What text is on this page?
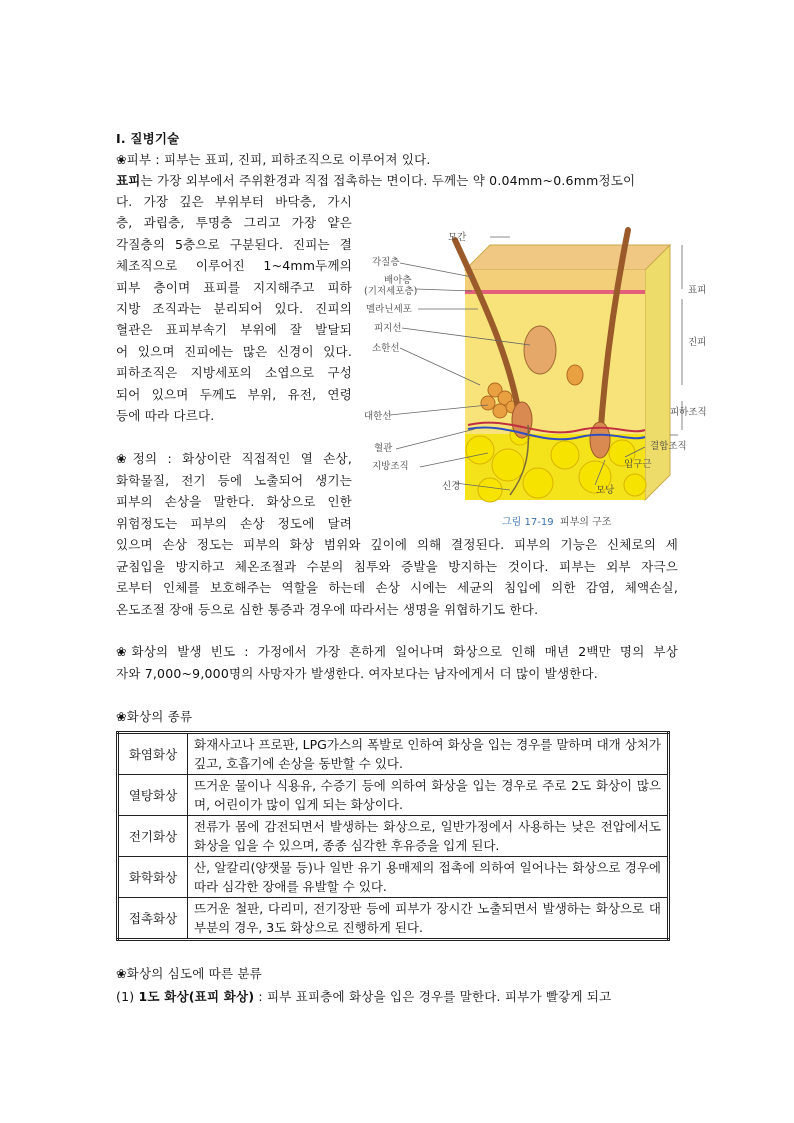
Ⅰ. 질병기술
❀피부 : 피부는 표피, 진피, 피하조직으로 이루어져 있다.
표피는 가장 외부에서 주위환경과 직접 접촉하는 면이다. 두께는 약 0.04mm~0.6mm정도이
다. 가장 깊은 부위부터 바닥층, 가시
층, 과립층, 투명층 그리고 가장 얕은
각질층의 5층으로 구분된다. 진피는 결
체조직으로 이루어진 1~4mm두께의
피부 층이며 표피를 지지해주고 피하
지방 조직과는 분리되어 있다. 진피의
혈관은 표피부속기 부위에 잘 발달되
어 있으며 진피에는 많은 신경이 있다.
피하조직은 지방세포의 소엽으로 구성
되어 있으며 두께도 부위, 유전, 연령
등에 따라 다르다.
❀정의 : 화상이란 직접적인 열 손상,
화학물질, 전기 등에 노출되어 생기는
피부의 손상을 말한다. 화상으로 인한
위험정도는 피부의 손상 정도에 달려
있으며 손상 정도는 피부의 화상 범위와 깊이에 의해 결정된다. 피부의 기능은 신체로의 세
균침입을 방지하고 체온조절과 수분의 침투와 증발을 방지하는 것이다. 피부는 외부 자극으
로부터 인체를 보호해주는 역할을 하는데 손상 시에는 세균의 침입에 의한 감염, 체액손실,
온도조절 장애 등으로 심한 통증과 경우에 따라서는 생명을 위협하기도 한다.
❀화상의 발생 빈도 : 가정에서 가장 흔하게 일어나며 화상으로 인해 매년 2백만 명의 부상
자와 7,000~9,000명의 사망자가 발생한다. 여자보다는 남자에게서 더 많이 발생한다.
❀화상의 종류
화염화상	화재사고나 프로판, LPG가스의 폭발로 인하여 화상을 입는 경우를 말하며 대개 상처가 깊고, 호흡기에 손상을 동반할 수 있다.
열탕화상	뜨거운 물이나 식용유, 수증기 등에 의하여 화상을 입는 경우로 주로 2도 화상이 많으며, 어린이가 많이 입게 되는 화상이다.
전기화상	전류가 몸에 감전되면서 발생하는 화상으로, 일반가정에서 사용하는 낮은 전압에서도 화상을 입을 수 있으며, 종종 심각한 후유증을 입게 된다.
화학화상	산, 알칼리(양잿물 등)나 일반 유기 용매제의 접촉에 의하여 일어나는 화상으로 경우에 따라 심각한 장애를 유발할 수 있다.
접촉화상	뜨거운 철판, 다리미, 전기장판 등에 피부가 장시간 노출되면서 발생하는 화상으로 대부분의 경우, 3도 화상으로 진행하게 된다.
❀화상의 심도에 따른 분류
(1) 1도 화상(표피 화상) : 피부 표피층에 화상을 입은 경우를 말한다. 피부가 빨갛게 되고
모간
각질층
배아층
(기저세포층)
멜라닌세포
피지선
소한선
대한선
혈관
지방조직
신경
표피
진피
피하조직
결합조직
입구근
모낭
그림 17-19 피부의 구조
